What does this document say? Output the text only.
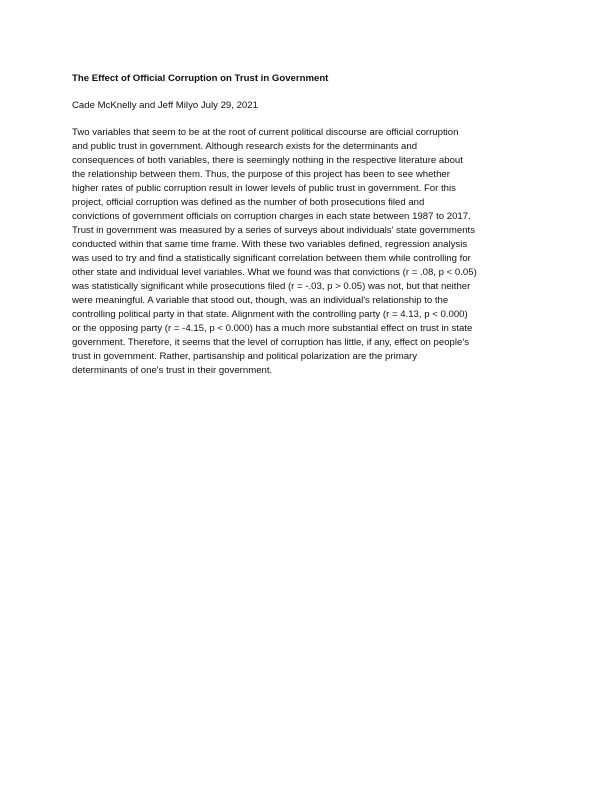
The Effect of Official Corruption on Trust in Government

Cade McKnelly and Jeff Milyo July 29, 2021

Two variables that seem to be at the root of current political discourse are official corruption
and public trust in government. Although research exists for the determinants and
consequences of both variables, there is seemingly nothing in the respective literature about
the relationship between them. Thus, the purpose of this project has been to see whether
higher rates of public corruption result in lower levels of public trust in government. For this
project, official corruption was defined as the number of both prosecutions filed and
convictions of government officials on corruption charges in each state between 1987 to 2017.
Trust in government was measured by a series of surveys about individuals' state governments
conducted within that same time frame. With these two variables defined, regression analysis
was used to try and find a statistically significant correlation between them while controlling for
other state and individual level variables. What we found was that convictions (r = .08, p < 0.05)
was statistically significant while prosecutions filed (r = -.03, p > 0.05) was not, but that neither
were meaningful. A variable that stood out, though, was an individual's relationship to the
controlling political party in that state. Alignment with the controlling party (r = 4.13, p < 0.000)
or the opposing party (r = -4.15, p < 0.000) has a much more substantial effect on trust in state
government. Therefore, it seems that the level of corruption has little, if any, effect on people's
trust in government. Rather, partisanship and political polarization are the primary
determinants of one's trust in their government.
